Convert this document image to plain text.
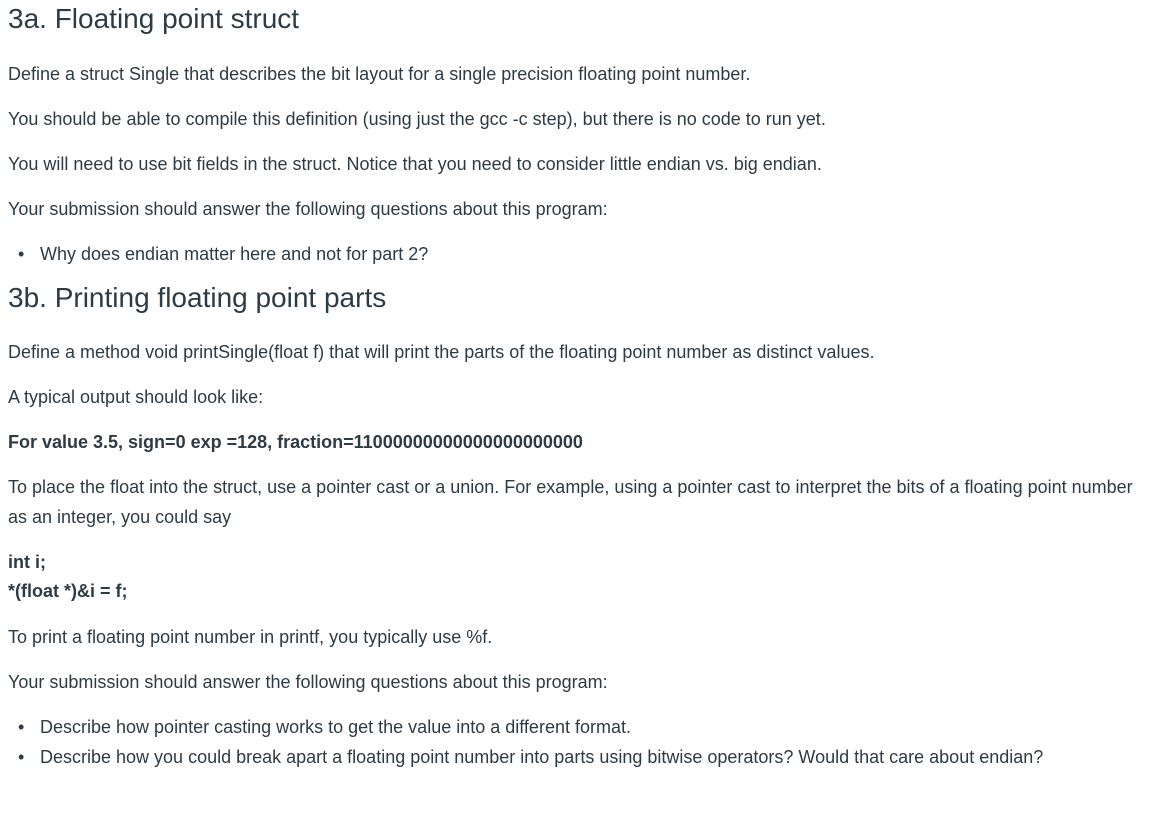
3a. Floating point struct

Define a struct Single that describes the bit layout for a single precision floating point number.

You should be able to compile this definition (using just the gcc -c step), but there is no code to run yet.

You will need to use bit fields in the struct. Notice that you need to consider little endian vs. big endian.

Your submission should answer the following questions about this program:

• Why does endian matter here and not for part 2?
3b. Printing floating point parts

Define a method void printSingle(float f) that will print the parts of the floating point number as distinct values.

A typical output should look like:

For value 3.5, sign=0 exp =128, fraction=11000000000000000000000

To place the float into the struct, use a pointer cast or a union. For example, using a pointer cast to interpret the bits of a floating point number as an integer, you could say

int i;

*(float *)&i = f;

To print a floating point number in printf, you typically use %f.

Your submission should answer the following questions about this program:

• Describe how pointer casting works to get the value into a different format.
• Describe how you could break apart a floating point number into parts using bitwise operators? Would that care about endian?
